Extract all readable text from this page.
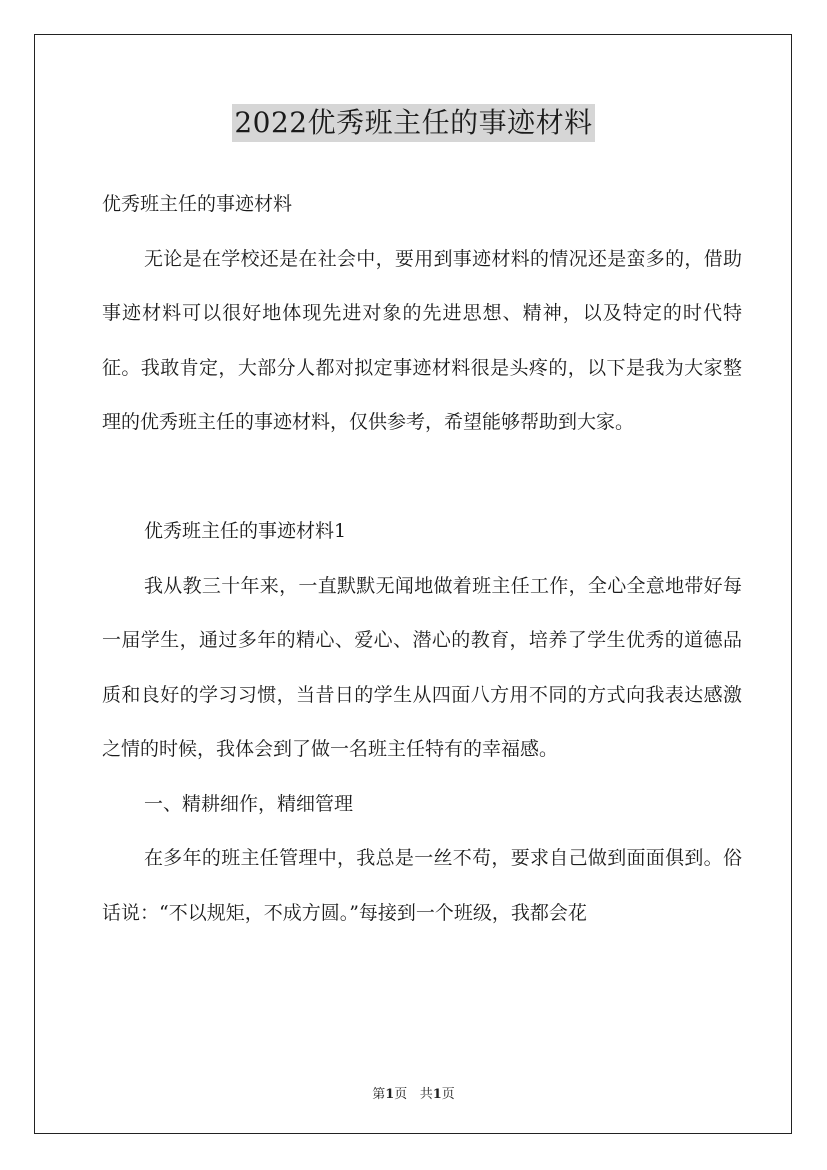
2022优秀班主任的事迹材料

优秀班主任的事迹材料

无论是在学校还是在社会中，要用到事迹材料的情况还是蛮多的，借助事迹材料可以很好地体现先进对象的先进思想、精神，以及特定的时代特征。我敢肯定，大部分人都对拟定事迹材料很是头疼的，以下是我为大家整理的优秀班主任的事迹材料，仅供参考，希望能够帮助到大家。

优秀班主任的事迹材料1

我从教三十年来，一直默默无闻地做着班主任工作，全心全意地带好每一届学生，通过多年的精心、爱心、潜心的教育，培养了学生优秀的道德品质和良好的学习习惯，当昔日的学生从四面八方用不同的方式向我表达感激之情的时候，我体会到了做一名班主任特有的幸福感。

一、精耕细作，精细管理

在多年的班主任管理中，我总是一丝不苟，要求自己做到面面俱到。俗话说：“不以规矩，不成方圆。”每接到一个班级，我都会花

第1页 共1页
